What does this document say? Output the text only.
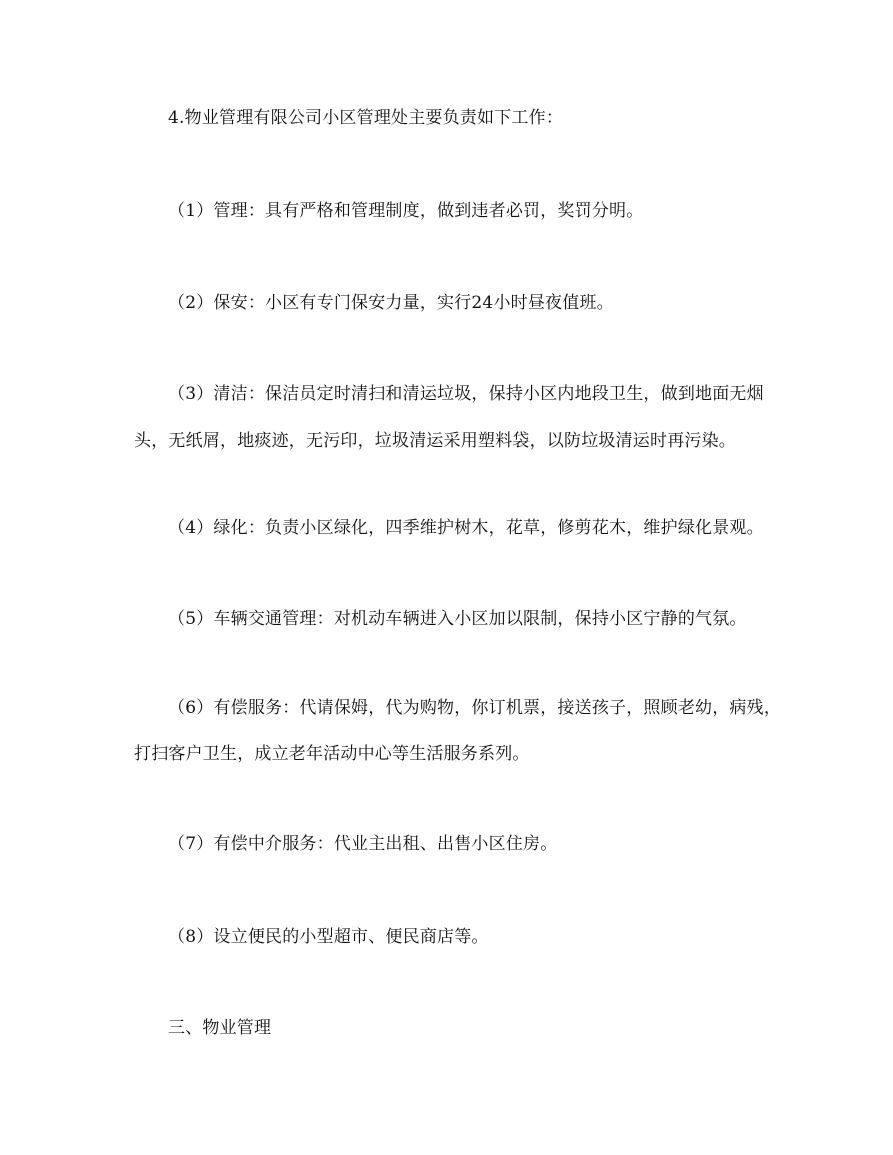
4.物业管理有限公司小区管理处主要负责如下工作：
（1）管理：具有严格和管理制度，做到违者必罚，奖罚分明。
（2）保安：小区有专门保安力量，实行24小时昼夜值班。
（3）清洁：保洁员定时清扫和清运垃圾，保持小区内地段卫生，做到地面无烟
头，无纸屑，地痰迹，无污印，垃圾清运采用塑料袋，以防垃圾清运时再污染。
（4）绿化：负责小区绿化，四季维护树木，花草，修剪花木，维护绿化景观。
（5）车辆交通管理：对机动车辆进入小区加以限制，保持小区宁静的气氛。
（6）有偿服务：代请保姆，代为购物，你订机票，接送孩子，照顾老幼，病残，
打扫客户卫生，成立老年活动中心等生活服务系列。
（7）有偿中介服务：代业主出租、出售小区住房。
（8）设立便民的小型超市、便民商店等。
三、物业管理
